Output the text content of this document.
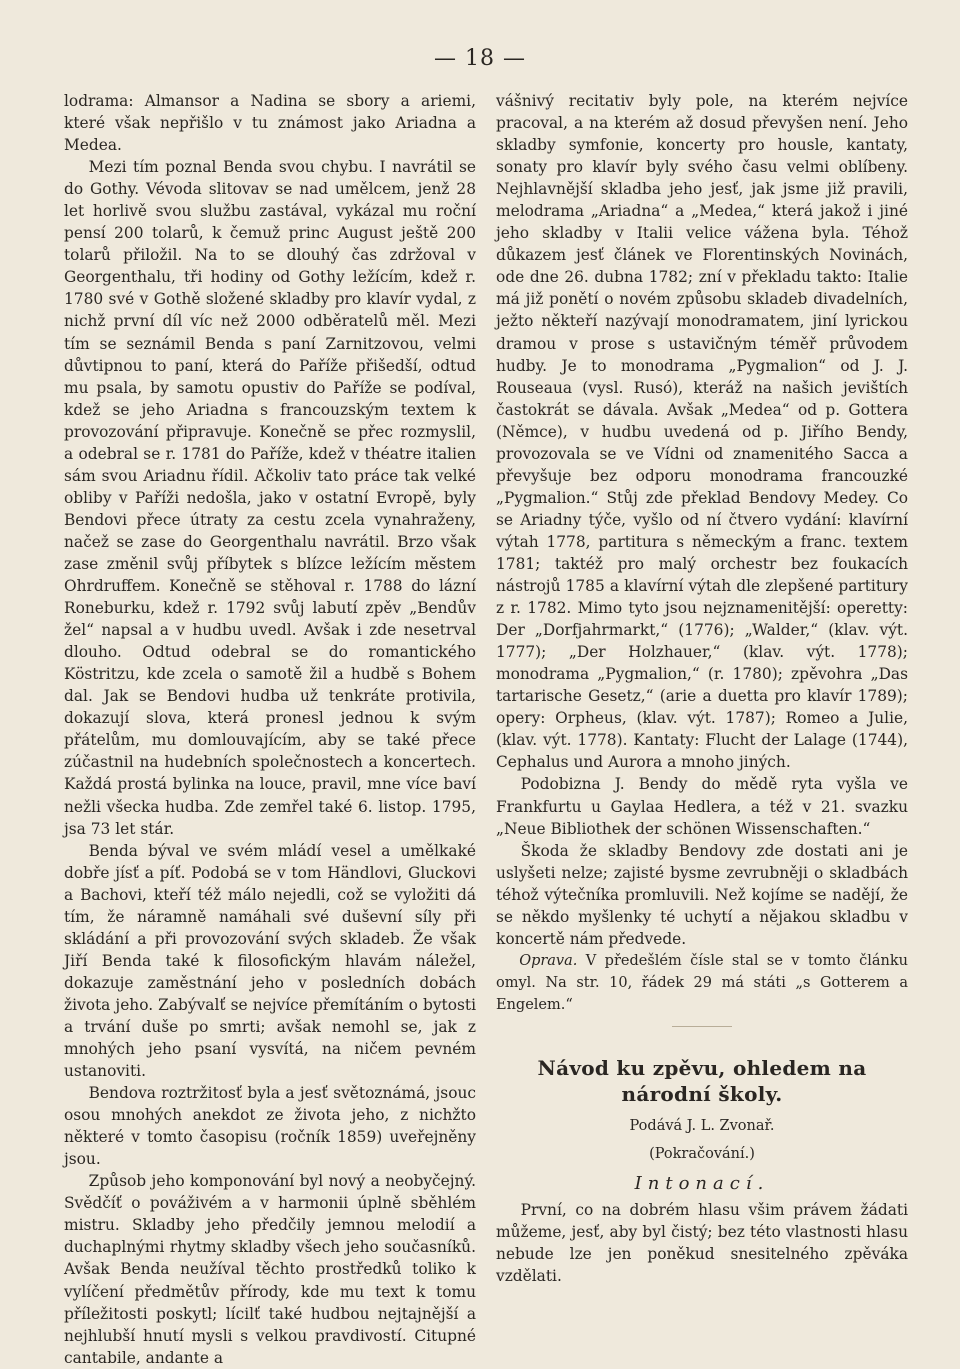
— 18 —

lodrama: Almansor a Nadina se sbory a ariemi, které však nepřišlo v tu známost jako Ariadna a Medea.

Mezi tím poznal Benda svou chybu. I navrátil se do Gothy. Vévoda slitovav se nad umělcem, jenž 28 let horlivě svou službu zastával, vykázal mu roční pensí 200 tolarů, k čemuž princ August ještě 200 tolarů přiložil. Na to se dlouhý čas zdržoval v Georgenthalu, tři hodiny od Gothy ležícím, kdež r. 1780 své v Gothě složené skladby pro klavír vydal, z nichž první díl víc než 2000 odběratelů měl. Mezi tím se seznámil Benda s paní Zarnitzovou, velmi důvtipnou to paní, která do Paříže přišedší, odtud mu psala, by samotu opustiv do Paříže se podíval, kdež se jeho Ariadna s francouzským textem k provozování připravuje. Konečně se přec rozmyslil, a odebral se r. 1781 do Paříže, kdež v théatre italien sám svou Ariadnu řídil. Ačkoliv tato práce tak velké obliby v Paříži nedošla, jako v ostatní Evropě, byly Bendovi přece útraty za cestu zcela vynahraženy, načež se zase do Georgenthalu navrátil. Brzo však zase změnil svůj příbytek s blízce ležícím městem Ohrdruffem. Konečně se stěhoval r. 1788 do lázní Roneburku, kdež r. 1792 svůj labutí zpěv „Bendův žel“ napsal a v hudbu uvedl. Avšak i zde nesetrval dlouho. Odtud odebral se do romantického Köstritzu, kde zcela o samotě žil a hudbě s Bohem dal. Jak se Bendovi hudba už tenkráte protivila, dokazují slova, která pronesl jednou k svým přátelům, mu domlouvajícím, aby se také přece zúčastnil na hudebních společnostech a koncertech. Každá prostá bylinka na louce, pravil, mne více baví nežli všecka hudba. Zde zemřel také 6. listop. 1795, jsa 73 let stár.

Benda býval ve svém mládí vesel a umělkaké dobře jísť a píť. Podobá se v tom Händlovi, Gluckovi a Bachovi, kteří též málo nejedli, což se vyložiti dá tím, že náramně namáhali své duševní síly při skládání a při provozování svých skladeb. Že však Jiří Benda také k filosofickým hlavám náležel, dokazuje zaměstnání jeho v posledních dobách života jeho. Zabývalť se nejvíce přemítáním o bytosti a trvání duše po smrti; avšak nemohl se, jak z mnohých jeho psaní vysvítá, na ničem pevném ustanoviti.

Bendova roztržitosť byla a jesť světoznámá, jsouc osou mnohých anekdot ze života jeho, z nichžto některé v tomto časopisu (ročník 1859) uveřejněny jsou.

Způsob jeho komponování byl nový a neobyčejný. Svědčíť o pováživém a v harmonii úplně sběhlém mistru. Skladby jeho předčily jemnou melodií a duchaplnými rhytmy skladby všech jeho současníků. Avšak Benda neužíval těchto prostředků toliko k vylíčení předmětův přírody, kde mu text k tomu příležitosti poskytl; lícilť také hudbou nejtajnější a nejhlubší hnutí mysli s velkou pravdivostí. Citupné cantabile, andante a

vášnivý recitativ byly pole, na kterém nejvíce pracoval, a na kterém až dosud převyšen není. Jeho skladby symfonie, koncerty pro housle, kantaty, sonaty pro klavír byly svého času velmi oblíbeny. Nejhlavnější skladba jeho jesť, jak jsme již pravili, melodrama „Ariadna“ a „Medea,“ která jakož i jiné jeho skladby v Italii velice vážena byla. Téhož důkazem jesť článek ve Florentinských Novinách, ode dne 26. dubna 1782; zní v překladu takto: Italie má již ponětí o novém způsobu skladeb divadelních, ježto někteří nazývají monodramatem, jiní lyrickou dramou v prose s ustavičným téměř průvodem hudby. Je to monodrama „Pygmalion“ od J. J. Rouseaua (vysl. Rusó), kteráž na našich jevištích častokrát se dávala. Avšak „Medea“ od p. Gottera (Němce), v hudbu uvedená od p. Jiřího Bendy, provozovala se ve Vídni od znamenitého Sacca a převyšuje bez odporu monodrama francouzké „Pygmalion.“ Stůj zde překlad Bendovy Medey. Co se Ariadny týče, vyšlo od ní čtvero vydání: klavírní výtah 1778, partitura s německým a franc. textem 1781; taktéž pro malý orchestr bez foukacích nástrojů 1785 a klavírní výtah dle zlepšené partitury z r. 1782. Mimo tyto jsou nejznamenitější: operetty: Der „Dorfjahrmarkt,“ (1776); „Walder,“ (klav. výt. 1777); „Der Holzhauer,“ (klav. výt. 1778); monodrama „Pygmalion,“ (r. 1780); zpěvohra „Das tartarische Gesetz,“ (arie a duetta pro klavír 1789); opery: Orpheus, (klav. výt. 1787); Romeo a Julie, (klav. výt. 1778). Kantaty: Flucht der Lalage (1744), Cephalus und Aurora a mnoho jiných.

Podobizna J. Bendy do mědě ryta vyšla ve Frankfurtu u Gaylaa Hedlera, a též v 21. svazku „Neue Bibliothek der schönen Wissenschaften.“

Škoda že skladby Bendovy zde dostati ani je uslyšeti nelze; zajisté bysme zevrubněji o skladbách téhož výtečníka promluvili. Než kojíme se nadějí, že se někdo myšlenky té uchytí a nějakou skladbu v koncertě nám předvede.

Oprava. V předešlém čísle stal se v tomto článku omyl. Na str. 10, řádek 29 má státi „s Gotterem a Engelem.“

Návod ku zpěvu, ohledem na národní školy.
Podává J. L. Zvonař.
(Pokračování.)
Intonací.

První, co na dobrém hlasu všim právem žádati můžeme, jesť, aby byl čistý; bez této vlastnosti hlasu nebude lze jen poněkud snesitelného zpěváka vzdělati.
